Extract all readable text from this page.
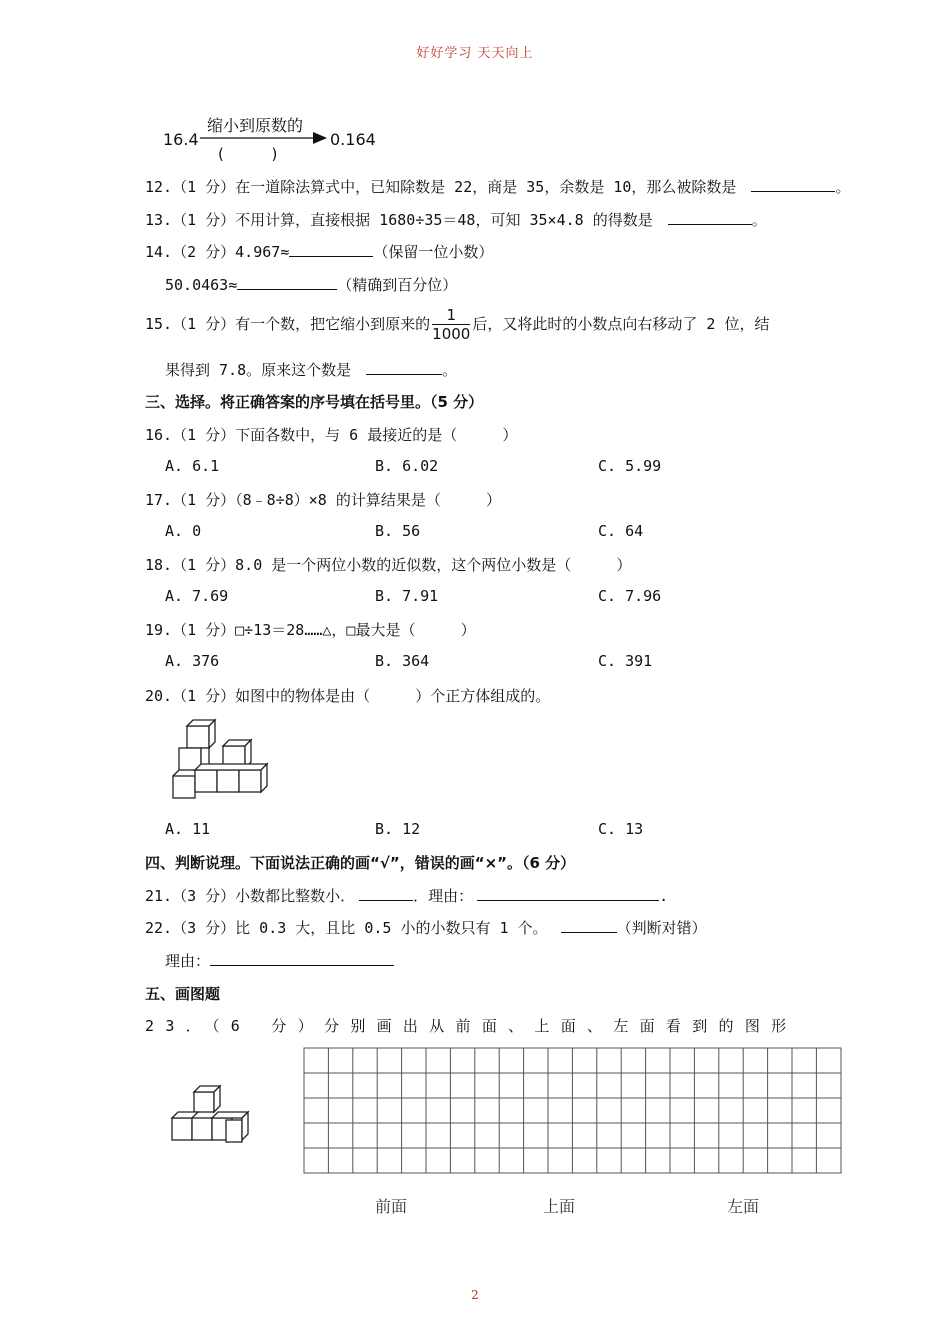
好好学习 天天向上
16.4
缩小到原数的
(          )
0.164
12.（1 分）在一道除法算式中，已知除数是 22，商是 35，余数是 10，那么被除数是	。
13.（1 分）不用计算，直接根据 1680÷35＝48，可知 35×4.8 的得数是	。
14.（2 分）4.967≈	（保留一位小数）
50.0463≈	（精确到百分位）
15.（1 分）有一个数，把它缩小到原来的 $\frac{1}{1000}$ 后，又将此时的小数点向右移动了 2 位，结
果得到 7.8。原来这个数是	。
三、选择。将正确答案的序号填在括号里。（5 分）
16.（1 分）下面各数中，与 6 最接近的是（     ）
A. 6.1	B. 6.02	C. 5.99
17.（1 分）（8﹣8÷8）×8 的计算结果是（     ）
A. 0	B. 56	C. 64
18.（1 分）8.0 是一个两位小数的近似数，这个两位小数是（     ）
A. 7.69	B. 7.91	C. 7.96
19.（1 分）□÷13＝28……△，□最大是（     ）
A. 376	B. 364	C. 391
20.（1 分）如图中的物体是由（     ）个正方体组成的。
A. 11	B. 12	C. 13
四、判断说理。下面说法正确的画“√”，错误的画“×”。（6 分）
21.（3 分）小数都比整数小．	．理由：	.
22.（3 分）比 0.3 大，且比 0.5 小的小数只有 1 个。	（判断对错）
理由：
五、画图题
23．（6 分）分别画出从前面、上面、左面看到的图形
前面	上面	左面
2
